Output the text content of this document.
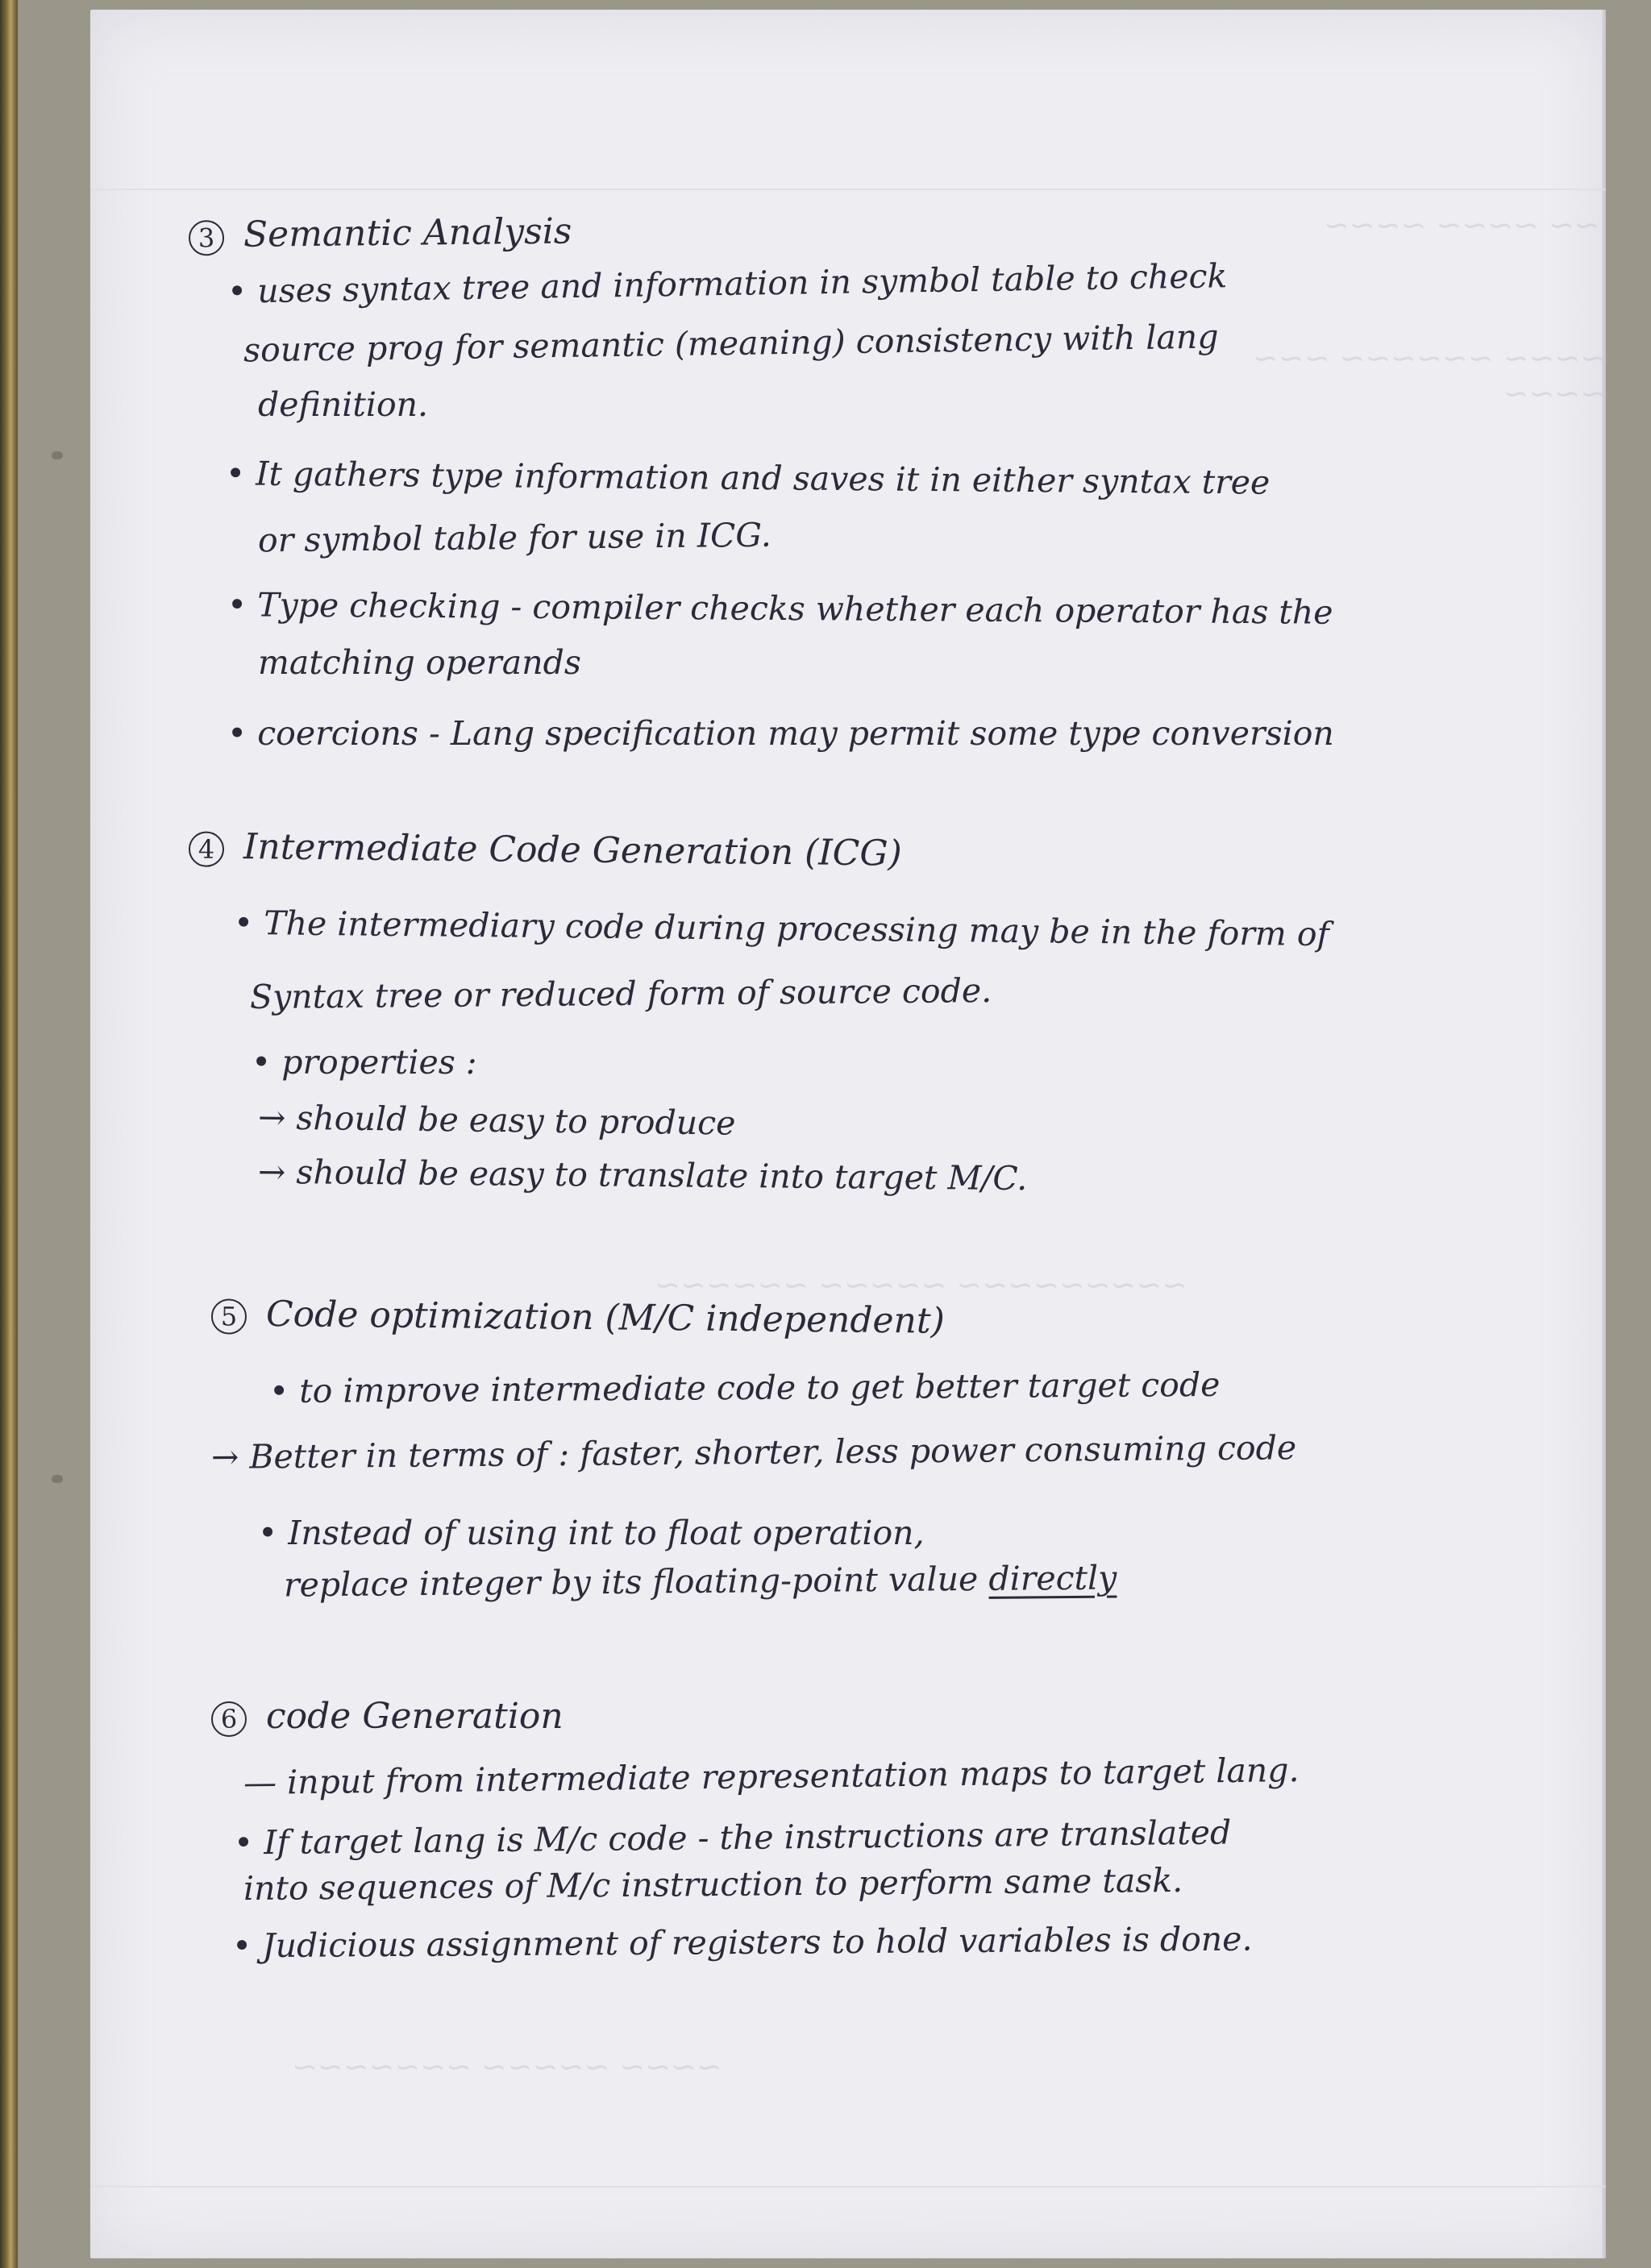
~~ ~~~~ ~~~~
~~~~ ~~~~~~ ~~~ ~~~~
~~~~~~~~~ ~~~~~ ~~~~~~
~~~~ ~~~~~ ~~~~~~~
3 Semantic Analysis
• uses syntax tree and information in symbol table to check
source prog for semantic (meaning) consistency with lang
definition.
• It gathers type information and saves it in either syntax tree
or symbol table for use in ICG.
• Type checking - compiler checks whether each operator has the
matching operands
• coercions - Lang specification may permit some type conversion
4 Intermediate Code Generation (ICG)
• The intermediary code during processing may be in the form of
Syntax tree or reduced form of source code.
• properties :
→ should be easy to produce
→ should be easy to translate into target M/C.
5 Code optimization (M/C independent)
• to improve intermediate code to get better target code
→ Better in terms of : faster, shorter, less power consuming code
• Instead of using int to float operation,
replace integer by its floating-point value directly
6 code Generation
— input from intermediate representation maps to target lang.
• If target lang is M/c code - the instructions are translated
into sequences of M/c instruction to perform same task.
• Judicious assignment of registers to hold variables is done.
